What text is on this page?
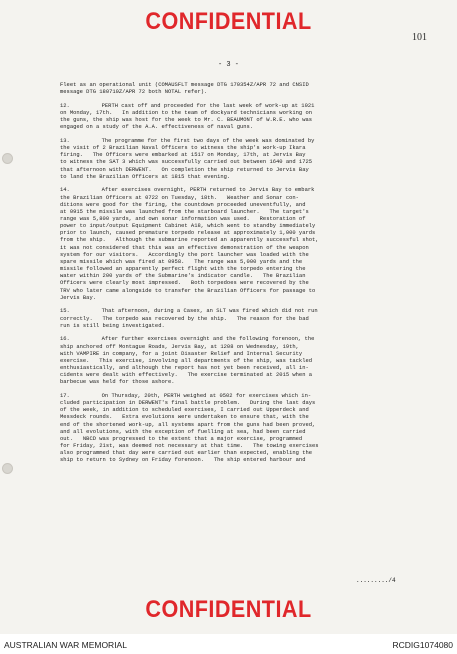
CONFIDENTIAL
101
- 3 -
Fleet as an operational unit (COMAUSFLT message DTG 170354Z/APR 72 and CNSID
message DTG 180710Z/APR 72 both NOTAL refer).
12.	PERTH cast off and proceeded for the last week of work-up at 1021
on Monday, 17th.   In addition to the team of dockyard technicians working on
the guns, the ship was host for the week to Mr. C. BEAUMONT of W.R.E. who was
engaged on a study of the A.A. effectiveness of naval guns.
13.	The programme for the first two days of the week was dominated by
the visit of 2 Brazilian Naval Officers to witness the ship's work-up Ikara
firing.   The Officers were embarked at 1517 on Monday, 17th, at Jervis Bay
to witness the SAT 3 which was successfully carried out between 1640 and 1725
that afternoon with DERWENT.   On completion the ship returned to Jervis Bay
to land the Brazilian Officers at 1815 that evening.
14.	After exercises overnight, PERTH returned to Jervis Bay to embark
the Brazilian Officers at 0722 on Tuesday, 18th.   Weather and Sonar con-
ditions were good for the firing, the countdown proceeded uneventfully, and
at 0915 the missile was launched from the starboard launcher.   The target's
range was 5,800 yards, and own sonar information was used.   Restoration of
power to input/output Equipment Cabinet A18, which went to standby immediately
prior to launch, caused premature torpedo release at approximately 1,000 yards
from the ship.   Although the submarine reported an apparently successful shot,
it was not considered that this was an effective demonstration of the weapon
system for our visitors.   Accordingly the port launcher was loaded with the
spare missile which was fired at 0958.   The range was 5,000 yards and the
missile followed an apparently perfect flight with the torpedo entering the
water within 200 yards of the Submarine's indicator candle.   The Brazilian
Officers were clearly most impressed.   Both torpedoes were recovered by the
TRV who later came alongside to transfer the Brazilian Officers for passage to
Jervis Bay.
15.	That afternoon, during a Casex, an SLT was fired which did not run
correctly.   The torpedo was recovered by the ship.   The reason for the bad
run is still being investigated.
16.	After further exercises overnight and the following forenoon, the
ship anchored off Montague Roads, Jervis Bay, at 1208 on Wednesday, 19th,
with VAMPIRE in company, for a joint Disaster Relief and Internal Security
exercise.   This exercise, involving all departments of the ship, was tackled
enthusiastically, and although the report has not yet been received, all in-
cidents were dealt with effectively.   The exercise terminated at 2015 when a
barbecue was held for those ashore.
17.	On Thursday, 20th, PERTH weighed at 0502 for exercises which in-
cluded participation in DERWENT's final battle problem.   During the last days
of the week, in addition to scheduled exercises, I carried out Upperdeck and
Messdeck rounds.   Extra evolutions were undertaken to ensure that, with the
end of the shortened work-up, all systems apart from the guns had been proved,
and all evolutions, with the exception of fuelling at sea, had been carried
out.   NBCD was progressed to the extent that a major exercise, programmed
for Friday, 21st, was deemed not necessary at that time.   The towing exercises
also programmed that day were carried out earlier than expected, enabling the
ship to return to Sydney on Friday forenoon.   The ship entered harbour and
........./4
CONFIDENTIAL
AUSTRALIAN WAR MEMORIAL	RCDIG1074080
